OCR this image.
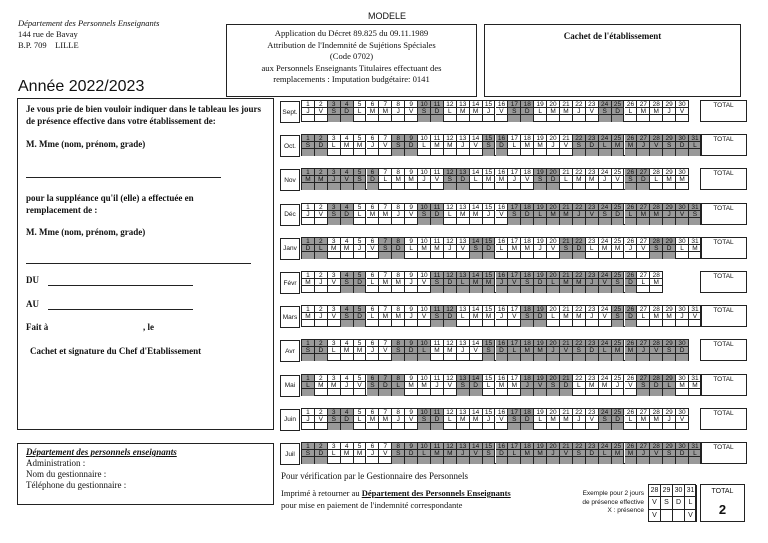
Département des Personnels Enseignants
144 rue de Bavay
B.P. 709    LILLE
MODELE
Application du Décret 89.825 du 09.11.1989
Attribution de l'Indemnité de Sujétions Spéciales
(Code 0702)
aux Personnels Enseignants Titulaires effectuant des
remplacements : Imputation budgétaire: 0141
Cachet de l'établissement
Année 2022/2023
Je vous prie de bien vouloir indiquer dans le tableau les jours de présence effective dans votre établissement de:
M. Mme (nom, prénom, grade)
pour la suppléance qu'il (elle) a effectuée en remplacement de :
M. Mme (nom, prénom, grade)
DU
AU
Fait à	, le
Cachet et signature du Chef d'Etablissement
Département des personnels enseignants
Administration :
Nom du gestionnaire :
Téléphone du gestionnaire :
Pour vérification par le Gestionnaire des Personnels
Imprimé à retourner au Département des Personnels Enseignants
pour mise en paiement de l'indemnité correspondante
Sept.
1
J
2
V
3
S
4
D
5
L
6
M
7
M
8
J
9
V
10
S
11
D
12
L
13
M
14
M
15
J
16
V
17
S
18
D
19
L
20
M
21
M
22
J
23
V
24
S
25
D
26
L
27
M
28
M
29
J
30
V
TOTAL
Oct.
1
S
2
D
3
L
4
M
5
M
6
J
7
V
8
S
9
D
10
L
11
M
12
M
13
J
14
V
15
S
16
D
17
L
18
M
19
M
20
J
21
V
22
S
23
D
24
L
25
M
26
M
27
J
28
V
29
S
30
D
31
L
TOTAL
Nov
1
M
2
M
3
J
4
V
5
S
6
D
7
L
8
M
9
M
10
J
11
V
12
S
13
D
14
L
15
M
16
M
17
J
18
V
19
S
20
D
21
L
22
M
23
M
24
J
25
V
26
S
27
D
28
L
29
M
30
M
TOTAL
Déc
1
J
2
V
3
S
4
D
5
L
6
M
7
M
8
J
9
V
10
S
11
D
12
L
13
M
14
M
15
J
16
V
17
S
18
D
19
L
20
M
21
M
22
J
23
V
24
S
25
D
26
L
27
M
28
M
29
J
30
V
31
S
TOTAL
Janv
1
D
2
L
3
M
4
M
5
J
6
V
7
S
8
D
9
L
10
M
11
M
12
J
13
V
14
S
15
D
16
L
17
M
18
M
19
J
20
V
21
S
22
D
23
L
24
M
25
M
26
J
27
V
28
S
29
D
30
L
31
M
TOTAL
Févr
1
M
2
J
3
V
4
S
5
D
6
L
7
M
8
M
9
J
10
V
11
S
12
D
13
L
14
M
15
M
16
J
17
V
18
S
19
D
20
L
21
M
22
M
23
J
24
V
25
S
26
D
27
L
28
M
TOTAL
Mars
1
M
2
J
3
V
4
S
5
D
6
L
7
M
8
M
9
J
10
V
11
S
12
D
13
L
14
M
15
M
16
J
17
V
18
S
19
D
20
L
21
M
22
M
23
J
24
V
25
S
26
D
27
L
28
M
29
M
30
J
31
V
TOTAL
Avr
1
S
2
D
3
L
4
M
5
M
6
J
7
V
8
S
9
D
10
L
11
M
12
M
13
J
14
V
15
S
16
D
17
L
18
M
19
M
20
J
21
V
22
S
23
D
24
L
25
M
26
M
27
J
28
V
29
S
30
D
TOTAL
Mai
1
L
2
M
3
M
4
J
5
V
6
S
7
D
8
L
9
M
10
M
11
J
12
V
13
S
14
D
15
L
16
M
17
M
18
J
19
V
20
S
21
D
22
L
23
M
24
M
25
J
26
V
27
S
28
D
29
L
30
M
31
M
TOTAL
Juin
1
J
2
V
3
S
4
D
5
L
6
M
7
M
8
J
9
V
10
S
11
D
12
L
13
M
14
M
15
J
16
V
17
S
18
D
19
L
20
M
21
M
22
J
23
V
24
S
25
D
26
L
27
M
28
M
29
J
30
V
TOTAL
Juil
1
S
2
D
3
L
4
M
5
M
6
J
7
V
8
S
9
D
10
L
11
M
12
M
13
J
14
V
15
S
16
D
17
L
18
M
19
M
20
J
21
V
22
S
23
D
24
L
25
M
26
M
27
J
28
V
29
S
30
D
31
L
TOTAL
Exemple pour 2 jours
de présence effective
X : présence
28
V
V
29
S
30
D
31
L
V
TOTAL
2
